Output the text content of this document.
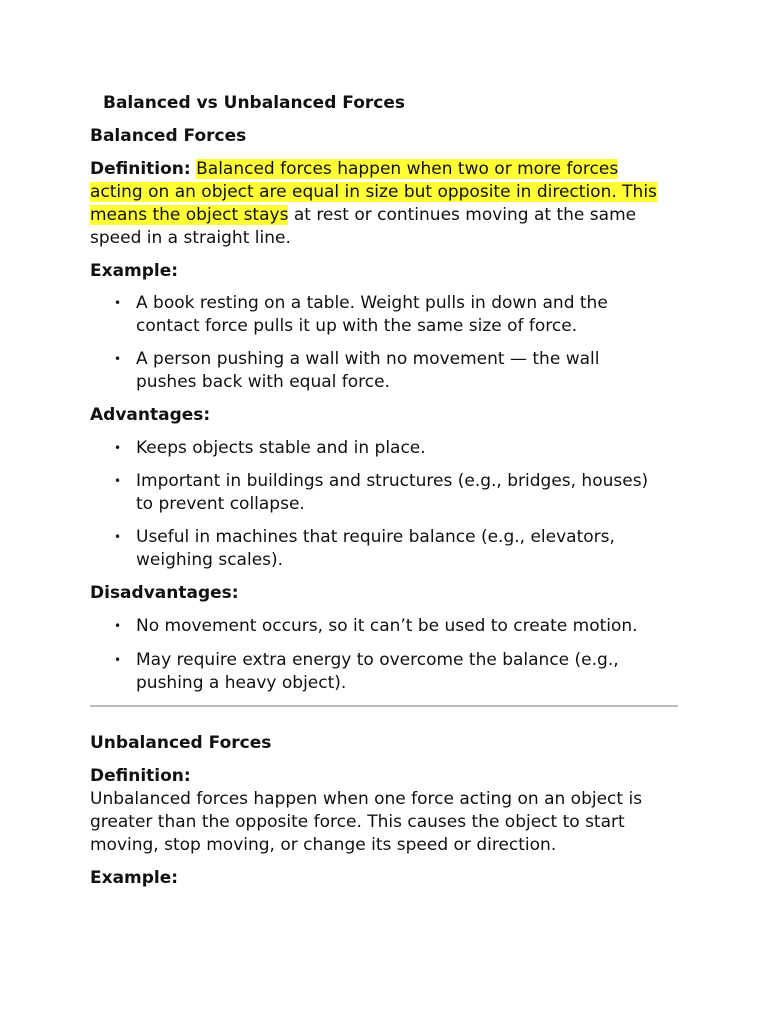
Balanced vs Unbalanced Forces

Balanced Forces

Definition: Balanced forces happen when two or more forces

acting on an object are equal in size but opposite in direction. This

means the object stays at rest or continues moving at the same

speed in a straight line.

Example:

• A book resting on a table. Weight pulls in down and the

contact force pulls it up with the same size of force.

• A person pushing a wall with no movement — the wall

pushes back with equal force.

Advantages:

• Keeps objects stable and in place.

• Important in buildings and structures (e.g., bridges, houses)

to prevent collapse.

• Useful in machines that require balance (e.g., elevators,

weighing scales).

Disadvantages:

• No movement occurs, so it can’t be used to create motion.

• May require extra energy to overcome the balance (e.g.,

pushing a heavy object).

Unbalanced Forces

Definition:

Unbalanced forces happen when one force acting on an object is

greater than the opposite force. This causes the object to start

moving, stop moving, or change its speed or direction.

Example:
